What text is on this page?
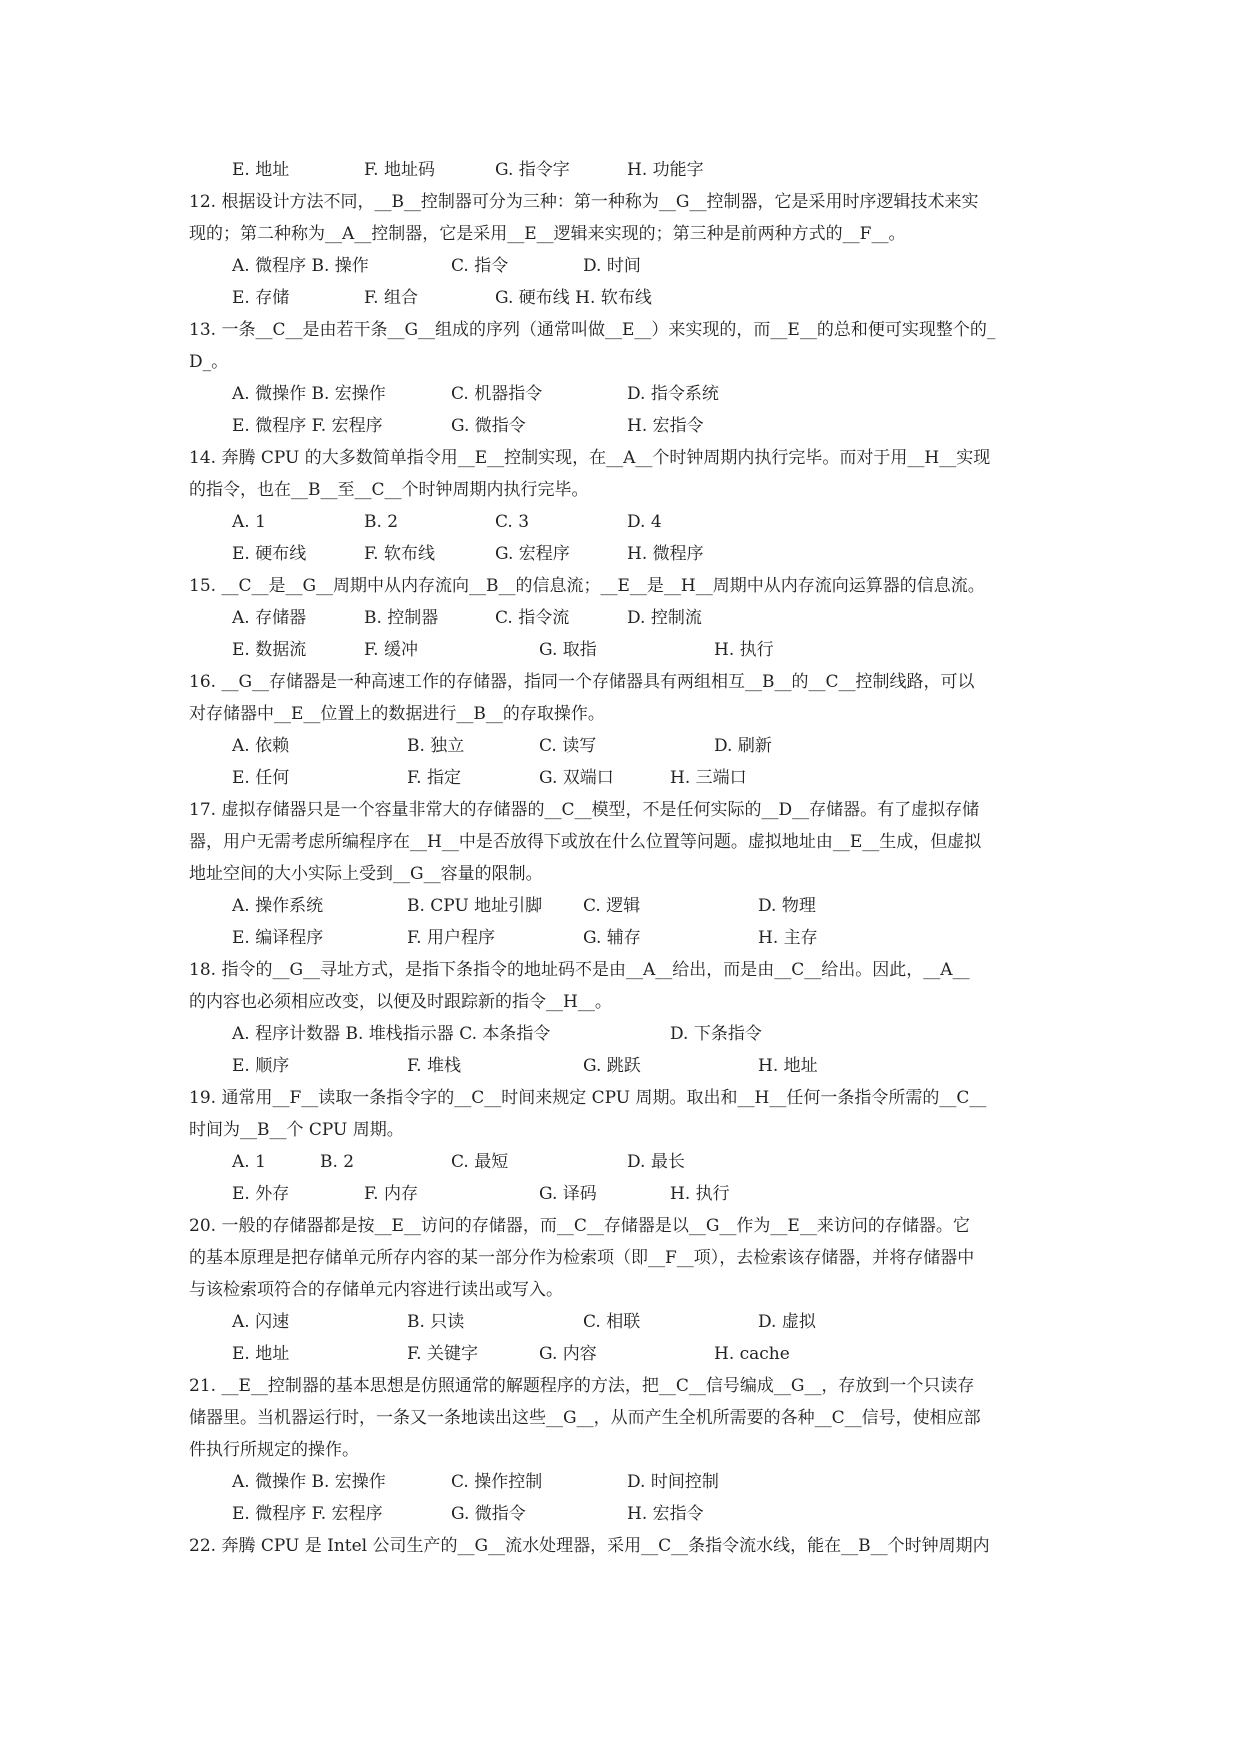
E. 地址	F. 地址码	G. 指令字	H. 功能字
12. 根据设计方法不同，__B__控制器可分为三种：第一种称为__G__控制器，它是采用时序逻辑技术来实
现的；第二种称为__A__控制器，它是采用__E__逻辑来实现的；第三种是前两种方式的__F__。
A. 微程序 B. 操作	C. 指令	D. 时间
E. 存储	F. 组合	G. 硬布线 H. 软布线
13. 一条__C__是由若干条__G__组成的序列（通常叫做__E__）来实现的，而__E__的总和便可实现整个的_
D_。
A. 微操作 B. 宏操作	C. 机器指令	D. 指令系统
E. 微程序 F. 宏程序	G. 微指令	H. 宏指令
14. 奔腾 CPU 的大多数简单指令用__E__控制实现，在__A__个时钟周期内执行完毕。而对于用__H__实现
的指令，也在__B__至__C__个时钟周期内执行完毕。
A. 1	B. 2	C. 3	D. 4
E. 硬布线	F. 软布线	G. 宏程序	H. 微程序
15. __C__是__G__周期中从内存流向__B__的信息流；__E__是__H__周期中从内存流向运算器的信息流。
A. 存储器	B. 控制器	C. 指令流	D. 控制流
E. 数据流	F. 缓冲	G. 取指	H. 执行
16. __G__存储器是一种高速工作的存储器，指同一个存储器具有两组相互__B__的__C__控制线路，可以
对存储器中__E__位置上的数据进行__B__的存取操作。
A. 依赖	B. 独立	C. 读写	D. 刷新
E. 任何	F. 指定	G. 双端口	H. 三端口
17. 虚拟存储器只是一个容量非常大的存储器的__C__模型，不是任何实际的__D__存储器。有了虚拟存储
器，用户无需考虑所编程序在__H__中是否放得下或放在什么位置等问题。虚拟地址由__E__生成，但虚拟
地址空间的大小实际上受到__G__容量的限制。
A. 操作系统	B. CPU 地址引脚 C. 逻辑	D. 物理
E. 编译程序	F. 用户程序	G. 辅存	H. 主存
18. 指令的__G__寻址方式，是指下条指令的地址码不是由__A__给出，而是由__C__给出。因此，__A__
的内容也必须相应改变，以便及时跟踪新的指令__H__。
A. 程序计数器 B. 堆栈指示器 C. 本条指令	D. 下条指令
E. 顺序	F. 堆栈	G. 跳跃	H. 地址
19. 通常用__F__读取一条指令字的__C__时间来规定 CPU 周期。取出和__H__任何一条指令所需的__C__
时间为__B__个 CPU 周期。
A. 1	B. 2	C. 最短	D. 最长
E. 外存	F. 内存	G. 译码	H. 执行
20. 一般的存储器都是按__E__访问的存储器，而__C__存储器是以__G__作为__E__来访问的存储器。它
的基本原理是把存储单元所存内容的某一部分作为检索项（即__F__项），去检索该存储器，并将存储器中
与该检索项符合的存储单元内容进行读出或写入。
A. 闪速	B. 只读	C. 相联	D. 虚拟
E. 地址	F. 关键字	G. 内容	H. cache
21. __E__控制器的基本思想是仿照通常的解题程序的方法，把__C__信号编成__G__，存放到一个只读存
储器里。当机器运行时，一条又一条地读出这些__G__，从而产生全机所需要的各种__C__信号，使相应部
件执行所规定的操作。
A. 微操作 B. 宏操作	C. 操作控制	D. 时间控制
E. 微程序 F. 宏程序	G. 微指令	H. 宏指令
22. 奔腾 CPU 是 Intel 公司生产的__G__流水处理器，采用__C__条指令流水线，能在__B__个时钟周期内
